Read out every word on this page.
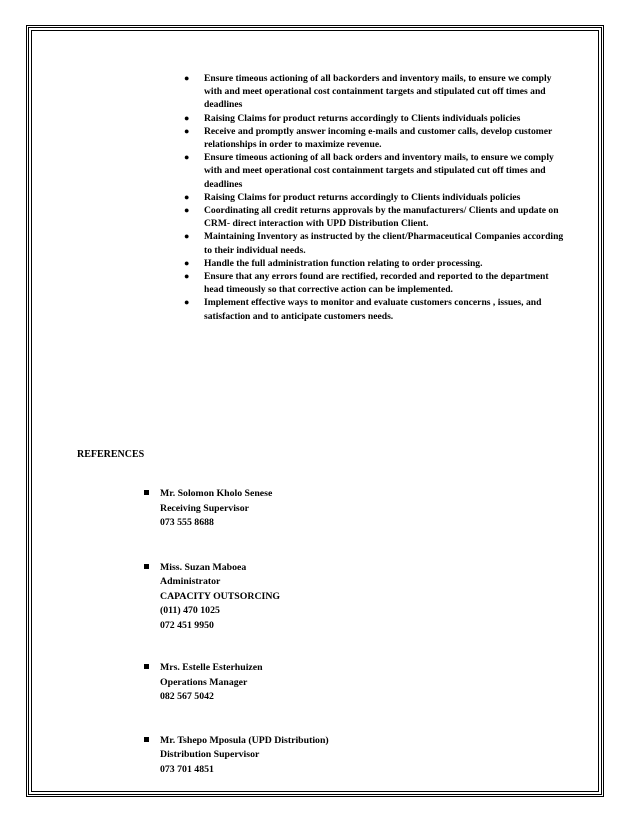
● Ensure timeous actioning of all backorders and inventory mails, to ensure we comply with and meet operational cost containment targets and stipulated cut off times and deadlines
● Raising Claims for product returns accordingly to Clients individuals policies
● Receive and promptly answer incoming e-mails and customer calls, develop customer relationships in order to maximize revenue.
● Ensure timeous actioning of all back orders and inventory mails, to ensure we comply with and meet operational cost containment targets and stipulated cut off times and deadlines
● Raising Claims for product returns accordingly to Clients individuals policies
● Coordinating all credit returns approvals by the manufacturers/ Clients and update on CRM- direct interaction with UPD Distribution Client.
● Maintaining Inventory as instructed by the client/Pharmaceutical Companies according to their individual needs.
● Handle the full administration function relating to order processing.
● Ensure that any errors found are rectified, recorded and reported to the department head timeously so that corrective action can be implemented.
● Implement effective ways to monitor and evaluate customers concerns , issues, and satisfaction and to anticipate customers needs.
REFERENCES
Mr. Solomon Kholo Senese
Receiving Supervisor
073 555 8688
Miss. Suzan Maboea
Administrator
CAPACITY OUTSORCING
(011) 470 1025
072 451 9950
Mrs. Estelle Esterhuizen
Operations Manager
082 567 5042
Mr. Tshepo Mposula (UPD Distribution)
Distribution Supervisor
073 701 4851
